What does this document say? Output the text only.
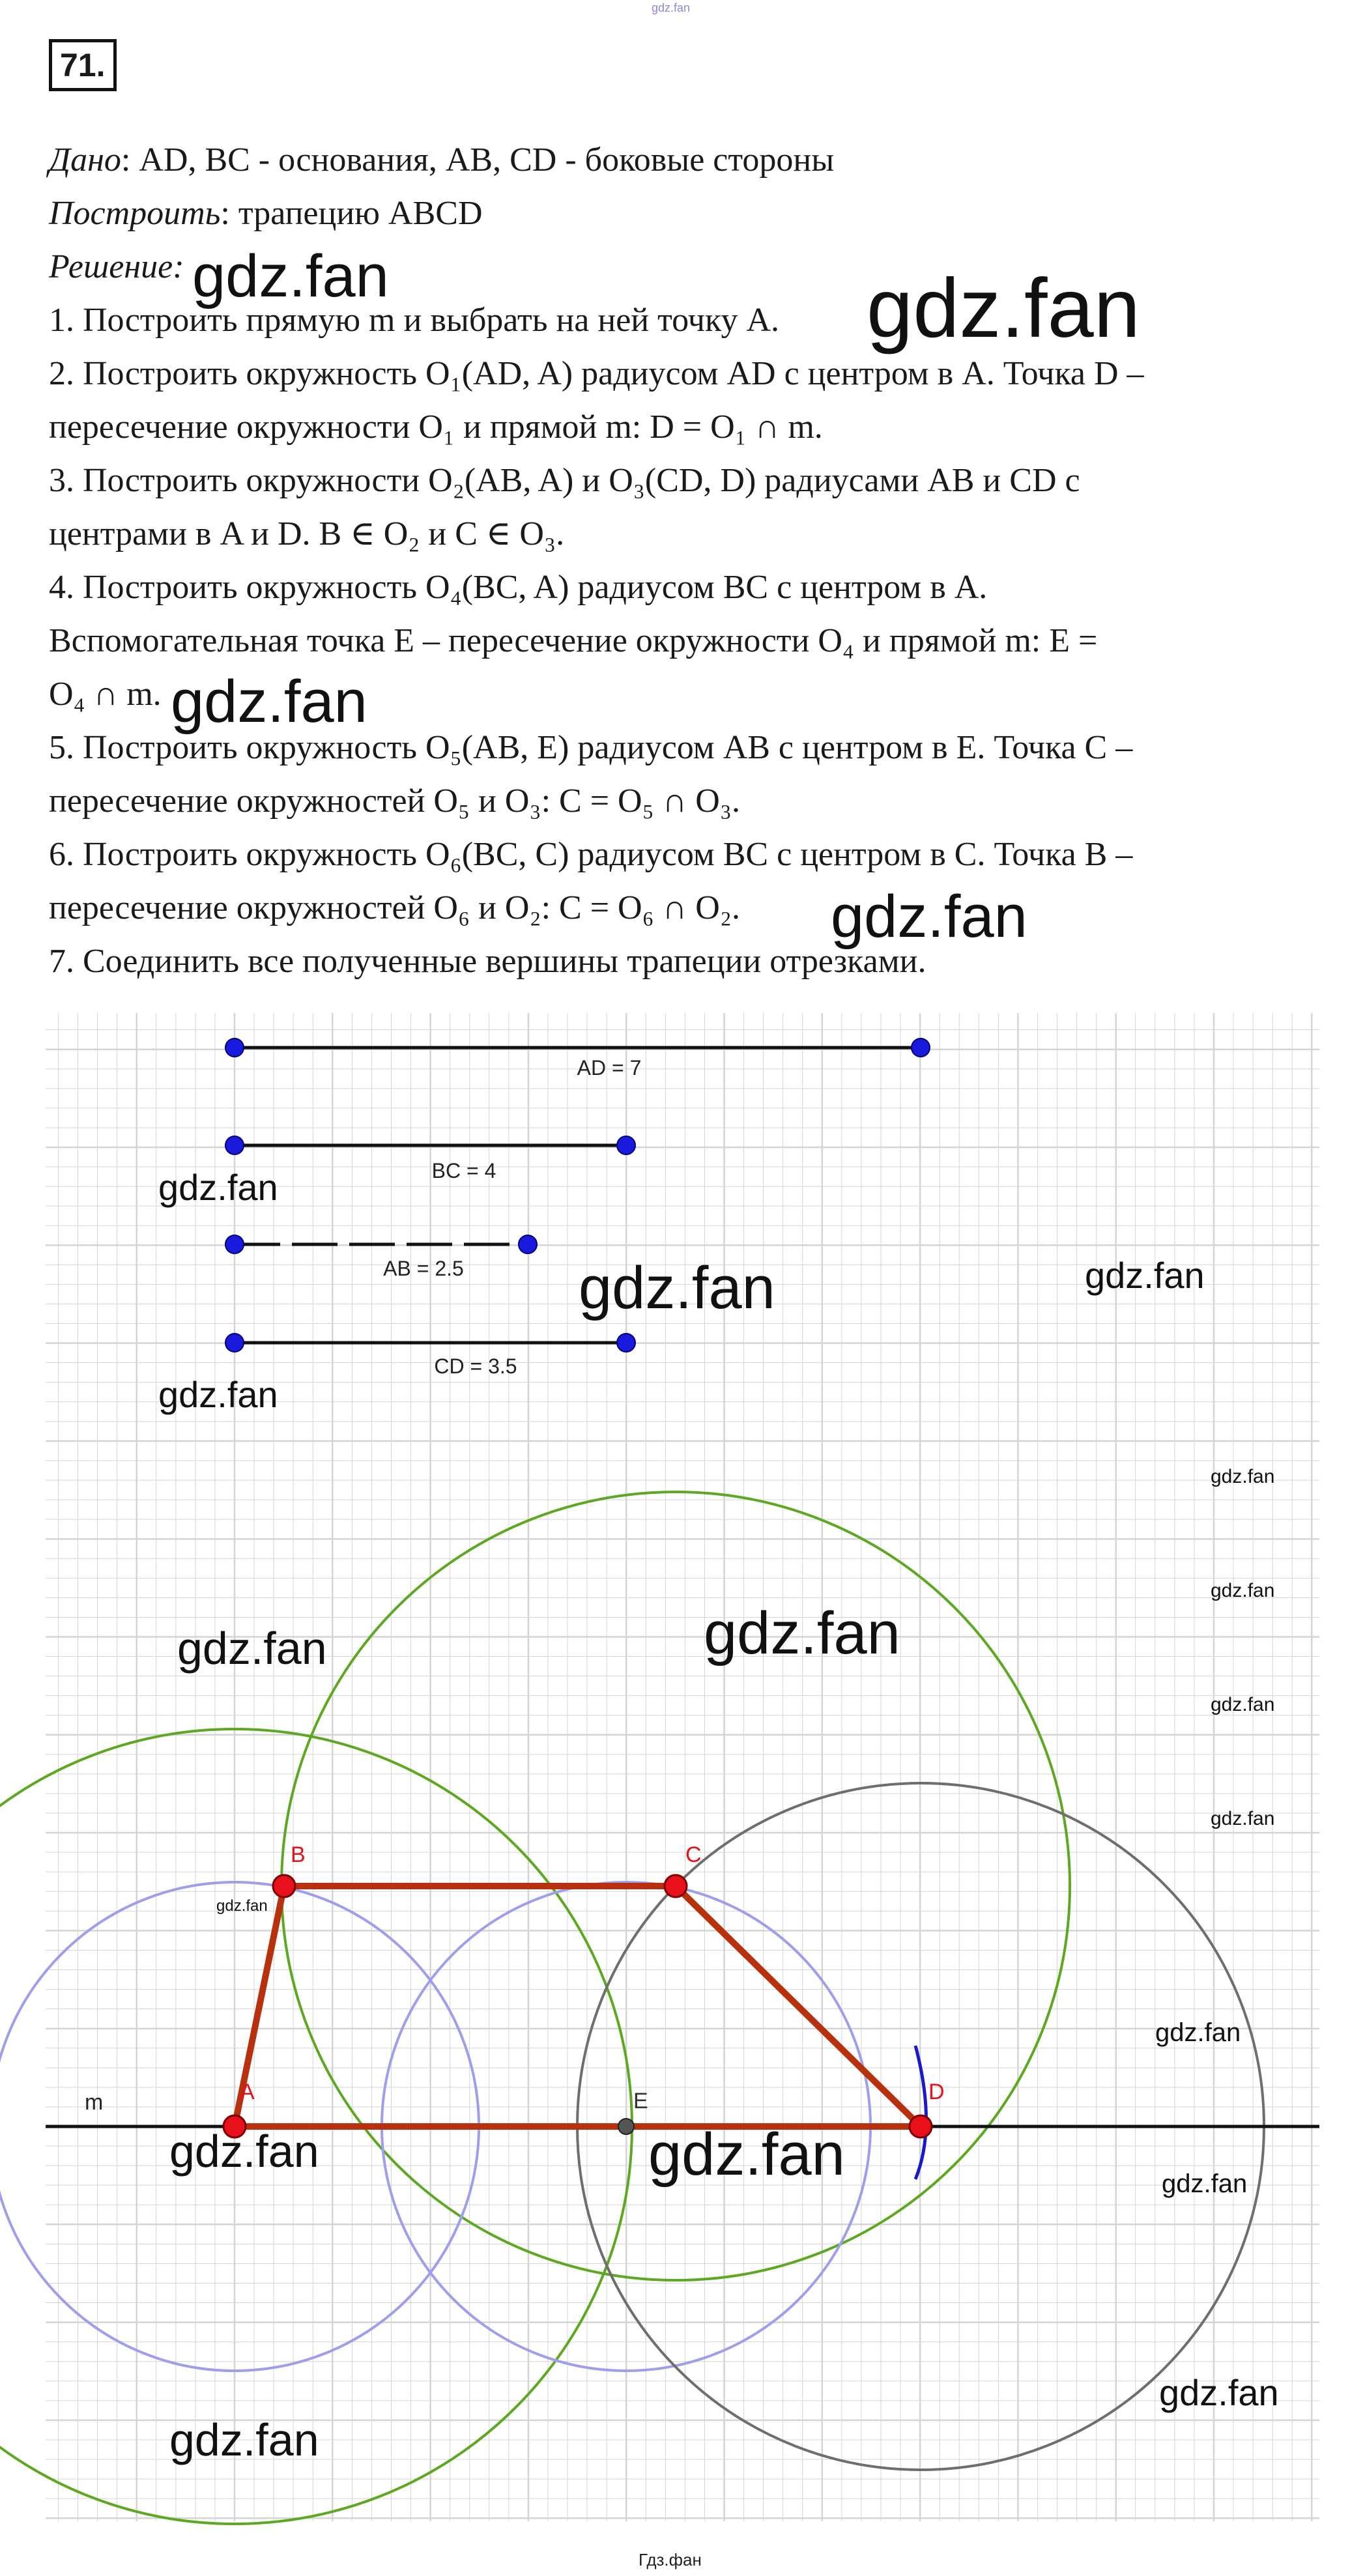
gdz.fan
71.
Дано: AD, BC - основания, AB, CD - боковые стороны
Построить: трапецию ABCD
Решение:
1. Построить прямую m и выбрать на ней точку A.
2. Построить окружность O₁(AD, A) радиусом AD с центром в A. Точка D –
пересечение окружности O₁ и прямой m: D = O₁ ∩ m.
3. Построить окружности O₂(AB, A) и O₃(CD, D) радиусами AB и CD с
центрами в A и D. B ∈ O₂ и C ∈ O₃.
4. Построить окружность O₄(BC, A) радиусом BC с центром в A.
Вспомогательная точка E – пересечение окружности O₄ и прямой m: E =
O₄ ∩ m.
5. Построить окружность O₅(AB, E) радиусом AB с центром в E. Точка C –
пересечение окружностей O₅ и O₃: C = O₅ ∩ O₃.
6. Построить окружность O₆(BC, C) радиусом BC с центром в C. Точка B –
пересечение окружностей O₆ и O₂: C = O₆ ∩ O₂.
7. Соединить все полученные вершины трапеции отрезками.
AD = 7
BC = 4
AB = 2.5
CD = 3.5
m	A
B	C
D
E
gdz.fan	gdz.fan
gdz.fan
gdz.fan
gdz.fan
gdz.fan	gdz.fan
gdz.fan
gdz.fan
gdz.fan
gdz.fan
gdz.fan
gdz.fan	gdz.fan
gdz.fan
gdz.fan
gdz.fan	gdz.fan	gdz.fan
gdz.fan
gdz.fan
Гдз.фан
